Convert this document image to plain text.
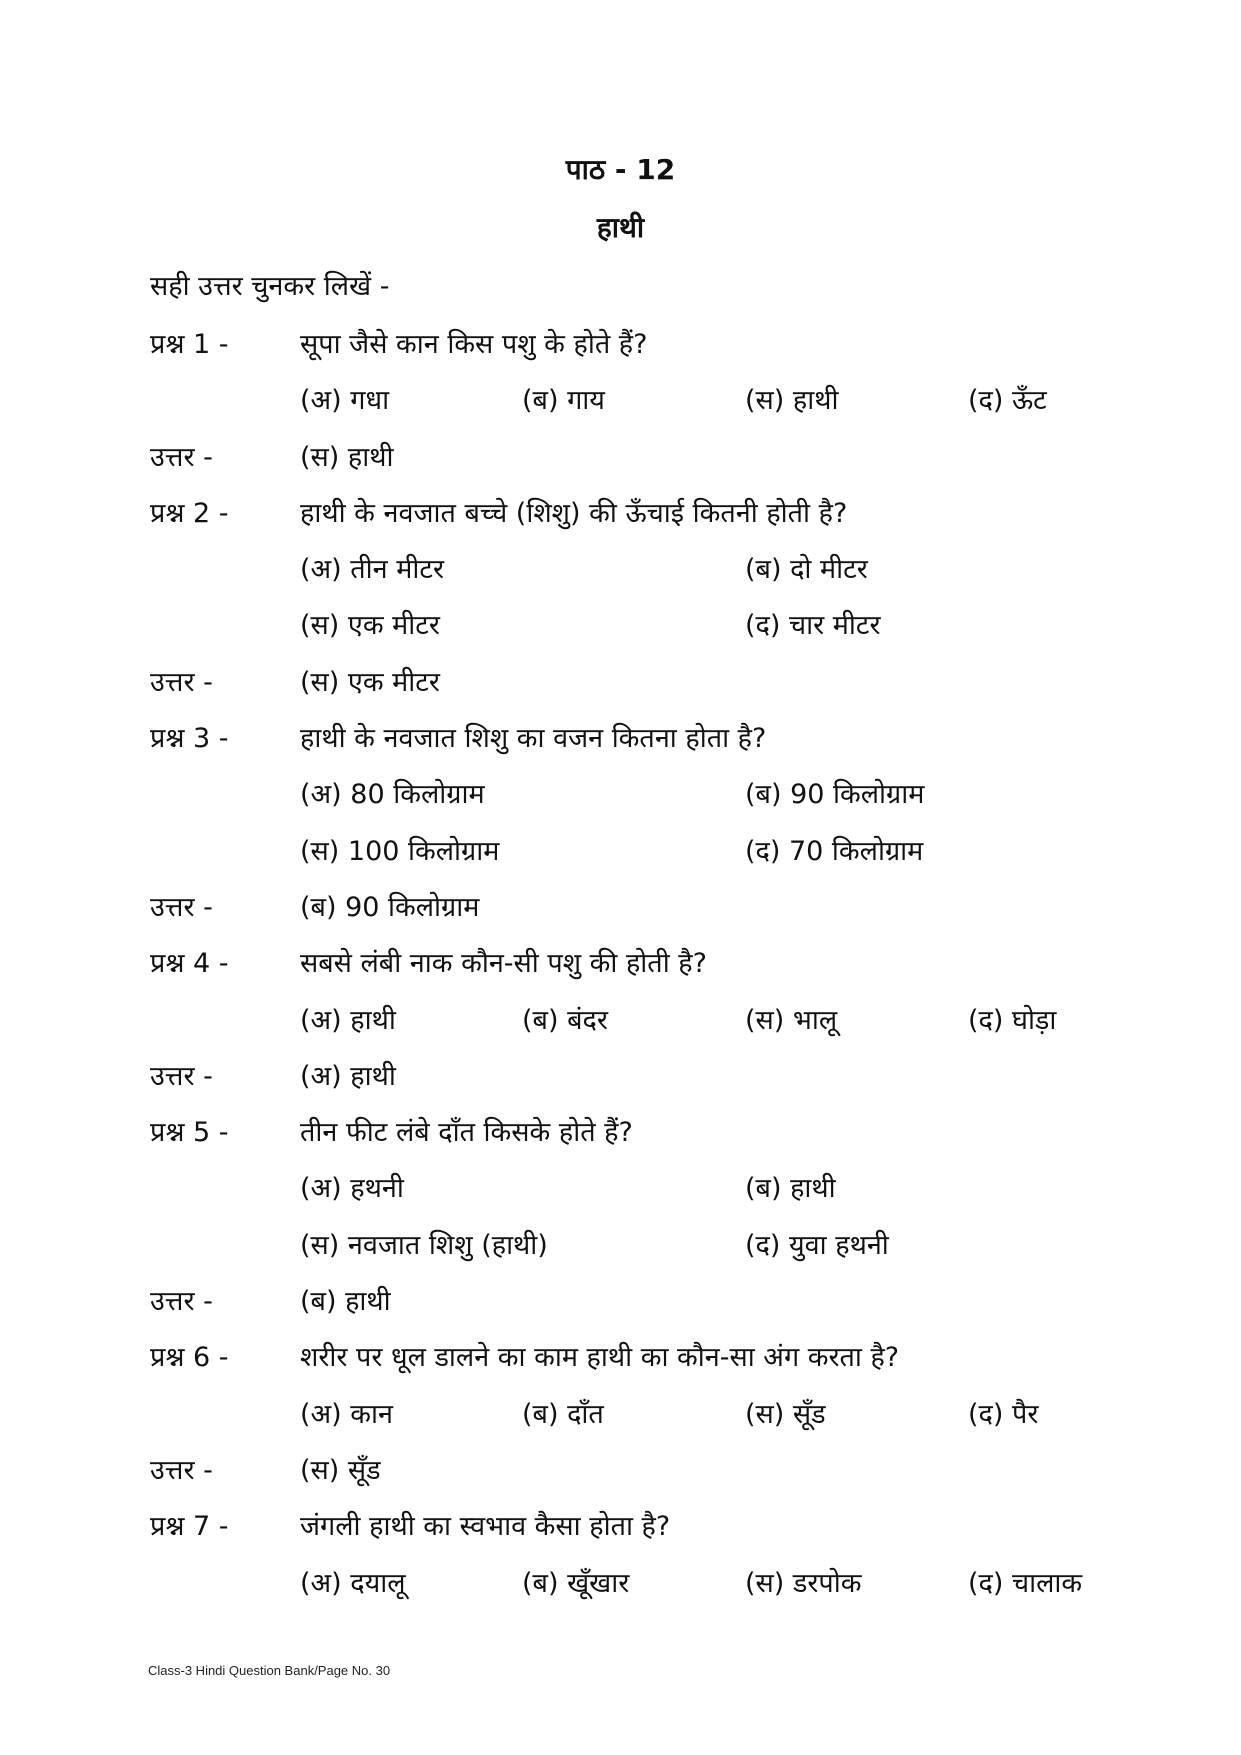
पाठ - 12
हाथी
सही उत्तर चुनकर लिखें -
प्रश्न 1 -	सूपा जैसे कान किस पशु के होते हैं?
(अ) गधा	(ब) गाय	(स) हाथी	(द) ऊँट
उत्तर -	(स) हाथी
प्रश्न 2 -	हाथी के नवजात बच्चे (शिशु) की ऊँचाई कितनी होती है?
(अ) तीन मीटर	(ब) दो मीटर
(स) एक मीटर	(द) चार मीटर
उत्तर -	(स) एक मीटर
प्रश्न 3 -	हाथी के नवजात शिशु का वजन कितना होता है?
(अ) 80 किलोग्राम	(ब) 90 किलोग्राम
(स) 100 किलोग्राम	(द) 70 किलोग्राम
उत्तर -	(ब) 90 किलोग्राम
प्रश्न 4 -	सबसे लंबी नाक कौन-सी पशु की होती है?
(अ) हाथी	(ब) बंदर	(स) भालू	(द) घोड़ा
उत्तर -	(अ) हाथी
प्रश्न 5 -	तीन फीट लंबे दाँत किसके होते हैं?
(अ) हथनी	(ब) हाथी
(स) नवजात शिशु (हाथी)	(द) युवा हथनी
उत्तर -	(ब) हाथी
प्रश्न 6 -	शरीर पर धूल डालने का काम हाथी का कौन-सा अंग करता है?
(अ) कान	(ब) दाँत	(स) सूँड	(द) पैर
उत्तर -	(स) सूँड
प्रश्न 7 -	जंगली हाथी का स्वभाव कैसा होता है?
(अ) दयालू	(ब) खूँखार	(स) डरपोक	(द) चालाक
Class-3 Hindi Question Bank/Page No. 30
